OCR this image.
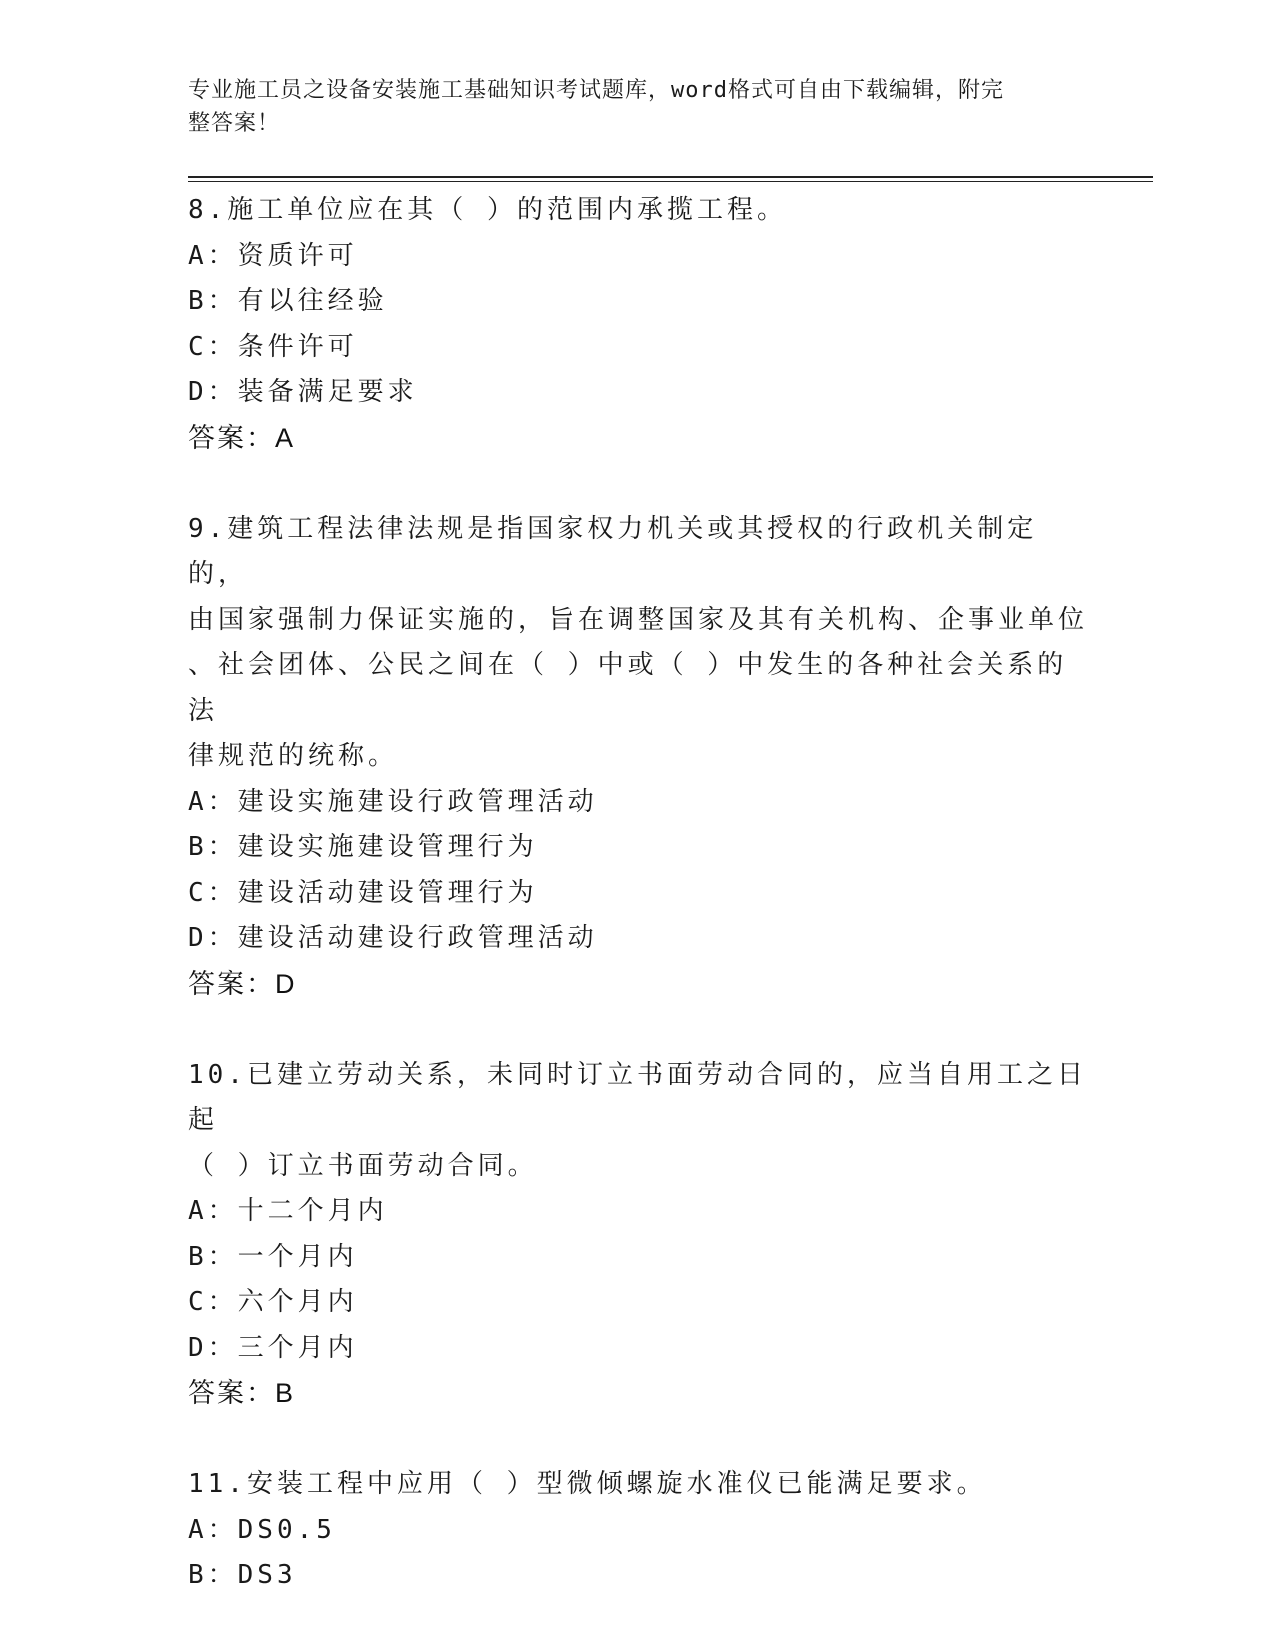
专业施工员之设备安装施工基础知识考试题库，word格式可自由下载编辑，附完
整答案！
8.施工单位应在其（ ）的范围内承揽工程。
A：资质许可
B：有以往经验
C：条件许可
D：装备满足要求
答案：A
9.建筑工程法律法规是指国家权力机关或其授权的行政机关制定的，
由国家强制力保证实施的，旨在调整国家及其有关机构、企事业单位
、社会团体、公民之间在（ ）中或（ ）中发生的各种社会关系的法
律规范的统称。
A：建设实施建设行政管理活动
B：建设实施建设管理行为
C：建设活动建设管理行为
D：建设活动建设行政管理活动
答案：D
10.已建立劳动关系，未同时订立书面劳动合同的，应当自用工之日起
（ ）订立书面劳动合同。
A：十二个月内
B：一个月内
C：六个月内
D：三个月内
答案：B
11.安装工程中应用（ ）型微倾螺旋水准仪已能满足要求。
A：DS0.5
B：DS3
